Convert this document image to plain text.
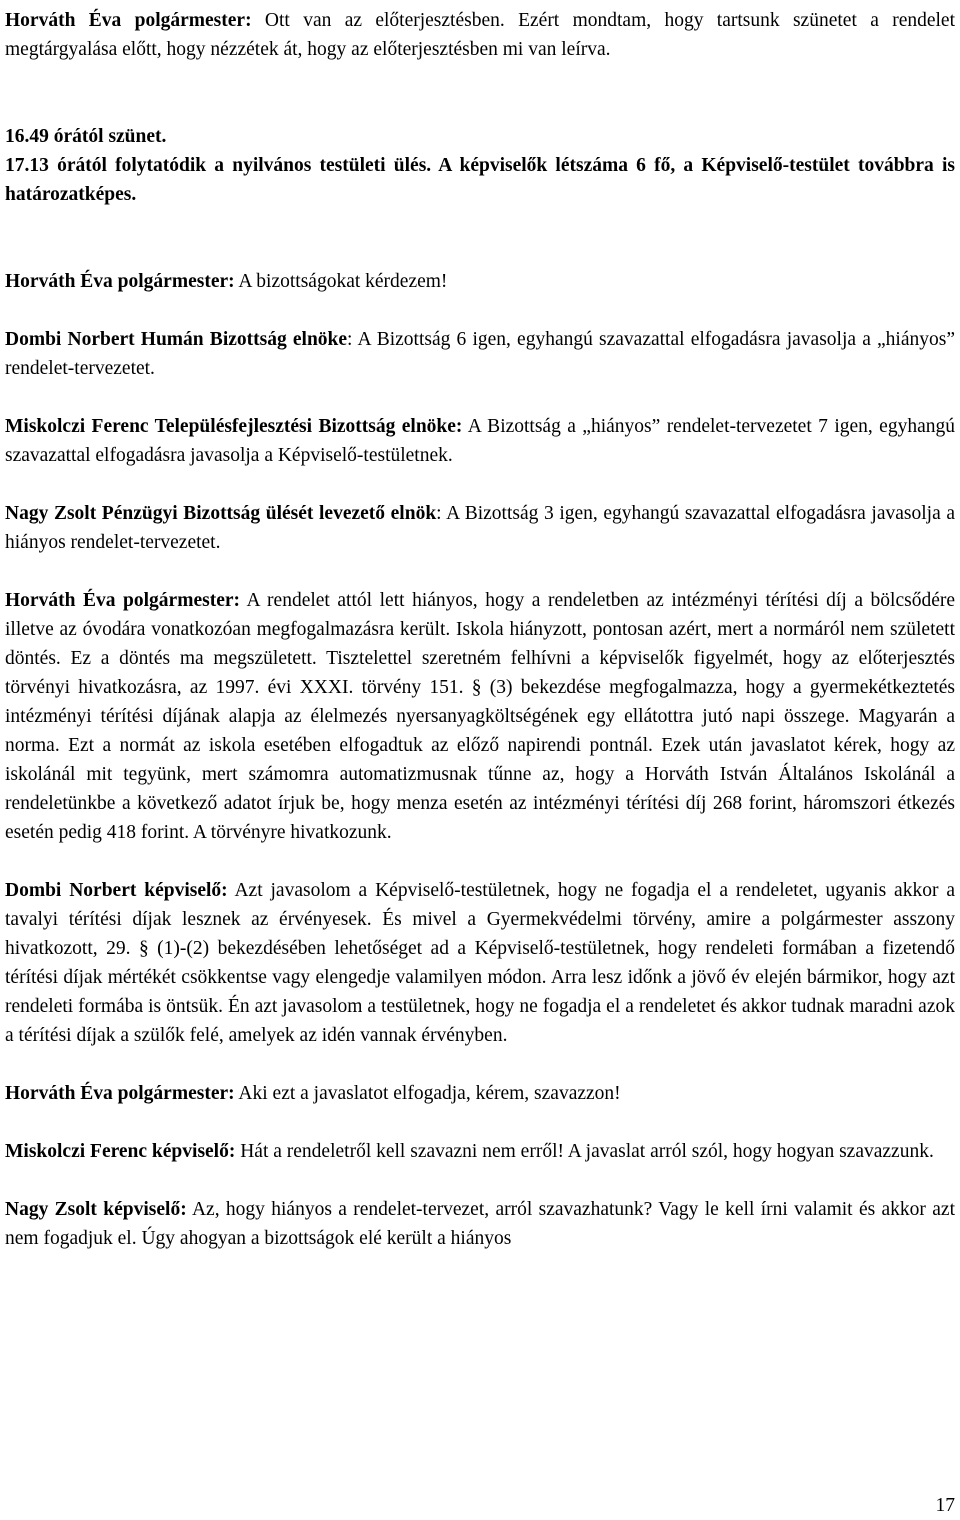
Horváth Éva polgármester: Ott van az előterjesztésben. Ezért mondtam, hogy tartsunk szünetet a rendelet megtárgyalása előtt, hogy nézzétek át, hogy az előterjesztésben mi van leírva.

16.49 órától szünet.
17.13 órától folytatódik a nyilvános testületi ülés. A képviselők létszáma 6 fő, a Képviselő-testület továbbra is határozatképes.

Horváth Éva polgármester: A bizottságokat kérdezem!

Dombi Norbert Humán Bizottság elnöke: A Bizottság 6 igen, egyhangú szavazattal elfogadásra javasolja a „hiányos” rendelet-tervezetet.

Miskolczi Ferenc Településfejlesztési Bizottság elnöke: A Bizottság a „hiányos” rendelet-tervezetet 7 igen, egyhangú szavazattal elfogadásra javasolja a Képviselő-testületnek.

Nagy Zsolt Pénzügyi Bizottság ülését levezető elnök: A Bizottság 3 igen, egyhangú szavazattal elfogadásra javasolja a hiányos rendelet-tervezetet.

Horváth Éva polgármester: A rendelet attól lett hiányos, hogy a rendeletben az intézményi térítési díj a bölcsődére illetve az óvodára vonatkozóan megfogalmazásra került. Iskola hiányzott, pontosan azért, mert a normáról nem született döntés. Ez a döntés ma megszületett. Tisztelettel szeretném felhívni a képviselők figyelmét, hogy az előterjesztés törvényi hivatkozásra, az 1997. évi XXXI. törvény 151. § (3) bekezdése megfogalmazza, hogy a gyermekétkeztetés intézményi térítési díjának alapja az élelmezés nyersanyagköltségének egy ellátottra jutó napi összege. Magyarán a norma. Ezt a normát az iskola esetében elfogadtuk az előző napirendi pontnál. Ezek után javaslatot kérek, hogy az iskolánál mit tegyünk, mert számomra automatizmusnak tűnne az, hogy a Horváth István Általános Iskolánál a rendeletünkbe a következő adatot írjuk be, hogy menza esetén az intézményi térítési díj 268 forint, háromszori étkezés esetén pedig 418 forint. A törvényre hivatkozunk.

Dombi Norbert képviselő: Azt javasolom a Képviselő-testületnek, hogy ne fogadja el a rendeletet, ugyanis akkor a tavalyi térítési díjak lesznek az érvényesek. És mivel a Gyermekvédelmi törvény, amire a polgármester asszony hivatkozott, 29. § (1)-(2) bekezdésében lehetőséget ad a Képviselő-testületnek, hogy rendeleti formában a fizetendő térítési díjak mértékét csökkentse vagy elengedje valamilyen módon. Arra lesz időnk a jövő év elején bármikor, hogy azt rendeleti formába is öntsük. Én azt javasolom a testületnek, hogy ne fogadja el a rendeletet és akkor tudnak maradni azok a térítési díjak a szülők felé, amelyek az idén vannak érvényben.

Horváth Éva polgármester: Aki ezt a javaslatot elfogadja, kérem, szavazzon!

Miskolczi Ferenc képviselő: Hát a rendeletről kell szavazni nem erről! A javaslat arról szól, hogy hogyan szavazzunk.

Nagy Zsolt képviselő: Az, hogy hiányos a rendelet-tervezet, arról szavazhatunk? Vagy le kell írni valamit és akkor azt nem fogadjuk el. Úgy ahogyan a bizottságok elé került a hiányos

17
